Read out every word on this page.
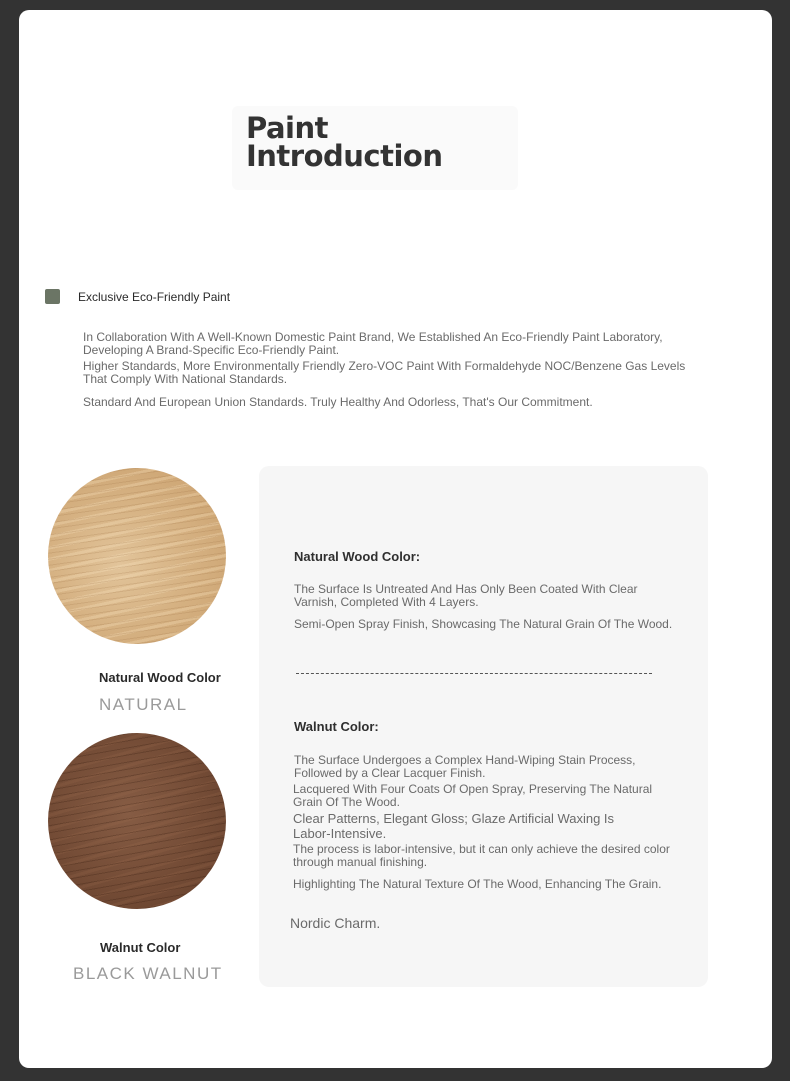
Paint
Introduction
Exclusive Eco-Friendly Paint

In Collaboration With A Well-Known Domestic Paint Brand, We Established An Eco-Friendly Paint Laboratory, Developing A Brand-Specific Eco-Friendly Paint.

Higher Standards, More Environmentally Friendly Zero-VOC Paint With Formaldehyde NOC/Benzene Gas Levels That Comply With National Standards.

Standard And European Union Standards. Truly Healthy And Odorless, That's Our Commitment.

Natural Wood Color
NATURAL
Walnut Color
BLACK WALNUT
Natural Wood Color:
The Surface Is Untreated And Has Only Been Coated With Clear Varnish, Completed With 4 Layers.
Semi-Open Spray Finish, Showcasing The Natural Grain Of The Wood.
Walnut Color:
The Surface Undergoes a Complex Hand-Wiping Stain Process, Followed by a Clear Lacquer Finish.
Lacquered With Four Coats Of Open Spray, Preserving The Natural Grain Of The Wood.
Clear Patterns, Elegant Gloss; Glaze Artificial Waxing Is Labor-Intensive.
The process is labor-intensive, but it can only achieve the desired color through manual finishing.
Highlighting The Natural Texture Of The Wood, Enhancing The Grain.
Nordic Charm.
